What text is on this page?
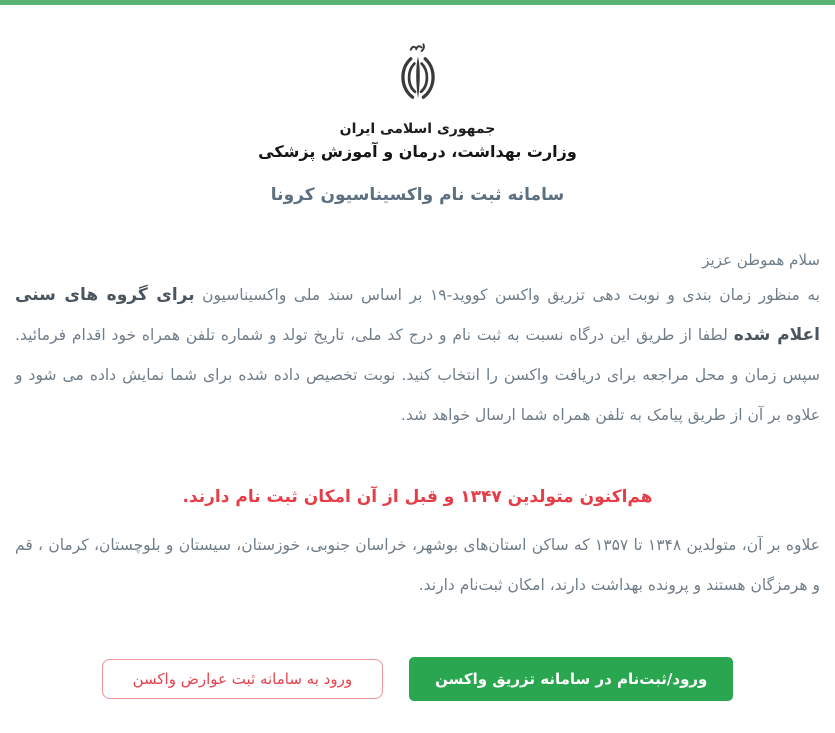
جمهوری اسلامی ایران
وزارت بهداشت، درمان و آموزش پزشکی
سامانه ثبت نام واکسیناسیون کرونا

سلام هموطن عزیز

به منظور زمان بندی و نوبت دهی تزریق واکسن کووید-۱۹ بر اساس سند ملی واکسیناسیون برای گروه های سنی اعلام شده لطفا از طریق این درگاه نسبت به ثبت نام و درج کد ملی، تاریخ تولد و شماره تلفن همراه خود اقدام فرمائید. سپس زمان و محل مراجعه برای دریافت واکسن را انتخاب کنید. نوبت تخصیص داده شده برای شما نمایش داده می شود و علاوه بر آن از طریق پیامک به تلفن همراه شما ارسال خواهد شد.

هم‌اکنون متولدین ۱۳۴۷ و قبل از آن امکان ثبت نام دارند.

علاوه بر آن، متولدین ۱۳۴۸ تا ۱۳۵۷ که ساکن استان‌های بوشهر، خراسان جنوبی، خوزستان، سیستان و بلوچستان، کرمان ، قم و هرمزگان هستند و پرونده بهداشت دارند، امکان ثبت‌نام دارند.

ورود/ثبت‌نام در سامانه تزریق واکسن
ورود به سامانه ثبت عوارض واکسن
